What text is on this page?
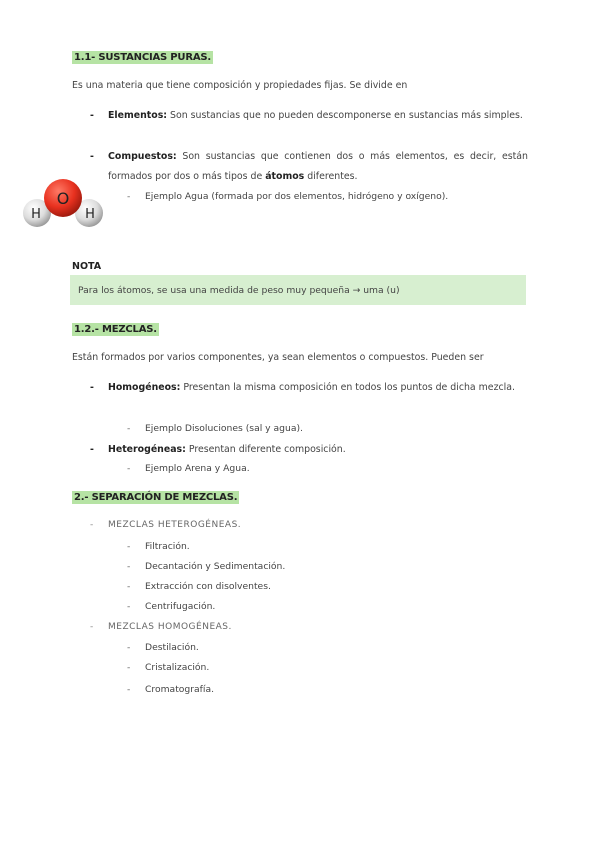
1.1- SUSTANCIAS PURAS.
Es una materia que tiene composición y propiedades fijas. Se divide en
- Elementos: Son sustancias que no pueden descomponerse en sustancias más simples.
- Compuestos: Son sustancias que contienen dos o más elementos, es decir, están formados por dos o más tipos de átomos diferentes.
- Ejemplo Agua (formada por dos elementos, hidrógeno y oxígeno).
O
H	H
NOTA
Para los átomos, se usa una medida de peso muy pequeña → uma (u)
1.2.- MEZCLAS.
Están formados por varios componentes, ya sean elementos o compuestos. Pueden ser
- Homogéneos: Presentan la misma composición en todos los puntos de dicha mezcla.
- Ejemplo Disoluciones (sal y agua).
- Heterogéneas: Presentan diferente composición.
- Ejemplo Arena y Agua.
2.- SEPARACIÓN DE MEZCLAS.
- MEZCLAS HETEROGÉNEAS.
- Filtración.
- Decantación y Sedimentación.
- Extracción con disolventes.
- Centrifugación.
- MEZCLAS HOMOGÉNEAS.
- Destilación.
- Cristalización.
- Cromatografía.
